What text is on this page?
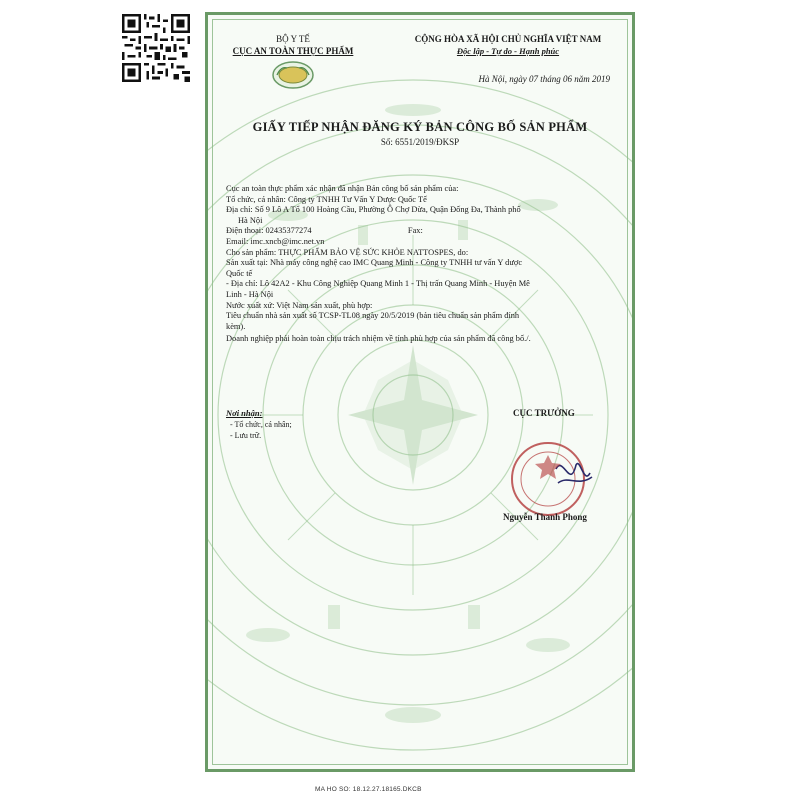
BỘ Y TẾ
CỤC AN TOÀN THỰC PHẨM
CỘNG HÒA XÃ HỘI CHỦ NGHĨA VIỆT NAM
Độc lập - Tự do - Hạnh phúc
Hà Nội, ngày 07 tháng 06 năm 2019
GIẤY TIẾP NHẬN ĐĂNG KÝ BẢN CÔNG BỐ SẢN PHẨM
Số: 6551/2019/ĐKSP
Cục an toàn thực phẩm xác nhận đã nhận Bản công bố sản phẩm của:
Tổ chức, cá nhân: Công ty TNHH Tư Vấn Y Dược Quốc Tế
Địa chỉ: Số 9 Lô A Tổ 100 Hoàng Cầu, Phường Ô Chợ Dừa, Quận Đống Đa, Thành phố
Hà Nội
Điện thoại: 02435377274                                              Fax:
Email: imc.xncb@imc.net.vn
Cho sản phẩm: THỰC PHẨM BẢO VỆ SỨC KHỎE NATTOSPES, do:
Sản xuất tại: Nhà máy công nghệ cao IMC Quang Minh - Công ty TNHH tư vấn Y dược
Quốc tế
- Địa chỉ: Lô 42A2 - Khu Công Nghiệp Quang Minh 1 - Thị trấn Quang Minh - Huyện Mê
Linh - Hà Nội
Nước xuất xứ: Việt Nam sản xuất, phù hợp:
Tiêu chuẩn nhà sản xuất số TCSP-TL08 ngày 20/5/2019 (bản tiêu chuẩn sản phẩm đính
kèm).
Doanh nghiệp phải hoàn toàn chịu trách nhiệm về tính phù hợp của sản phẩm đã công bố./.
Nơi nhận:
- Tổ chức, cá nhân;
- Lưu trữ.
CỤC TRƯỞNG
Nguyễn Thanh Phong
MA HO SO: 18.12.27.18165.DKCB
